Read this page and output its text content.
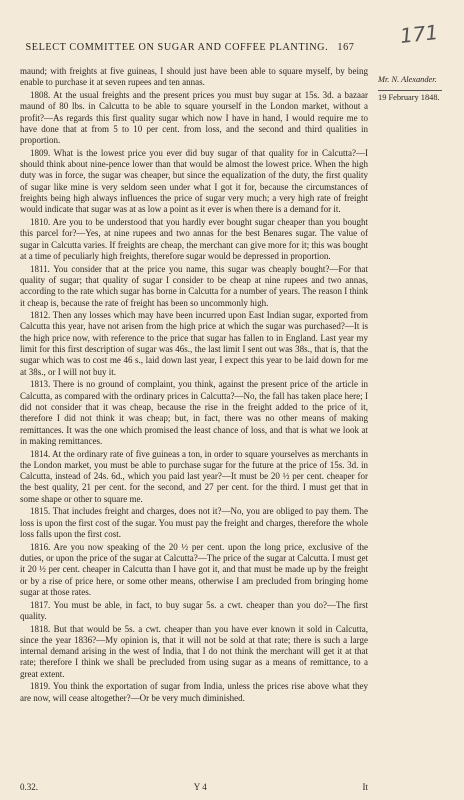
SELECT COMMITTEE ON SUGAR AND COFFEE PLANTING. 167 171
Mr. N. Alexander.
19 February 1848.

maund; with freights at five guineas, I should just have been able to square myself, by being enable to purchase it at seven rupees and ten annas.

1808. At the usual freights and the present prices you must buy sugar at 15s. 3d. a bazaar maund of 80 lbs. in Calcutta to be able to square yourself in the London market, without a profit?—As regards this first quality sugar which now I have in hand, I would require me to have done that at from 5 to 10 per cent. from loss, and the second and third qualities in proportion.

1809. What is the lowest price you ever did buy sugar of that quality for in Calcutta?—I should think about nine-pence lower than that would be almost the lowest price. When the high duty was in force, the sugar was cheaper, but since the equalization of the duty, the first quality of sugar like mine is very seldom seen under what I got it for, because the circumstances of freights being high always influences the price of sugar very much; a very high rate of freight would indicate that sugar was at as low a point as it ever is when there is a demand for it.

1810. Are you to be understood that you hardly ever bought sugar cheaper than you bought this parcel for?—Yes, at nine rupees and two annas for the best Benares sugar. The value of sugar in Calcutta varies. If freights are cheap, the merchant can give more for it; this was bought at a time of peculiarly high freights, therefore sugar would be depressed in proportion.

1811. You consider that at the price you name, this sugar was cheaply bought?—For that quality of sugar; that quality of sugar I consider to be cheap at nine rupees and two annas, according to the rate which sugar has borne in Calcutta for a number of years. The reason I think it cheap is, because the rate of freight has been so uncommonly high.

1812. Then any losses which may have been incurred upon East Indian sugar, exported from Calcutta this year, have not arisen from the high price at which the sugar was purchased?—It is the high price now, with reference to the price that sugar has fallen to in England. Last year my limit for this first description of sugar was 46s., the last limit I sent out was 38s., that is, that the sugar which was to cost me 46 s., laid down last year, I expect this year to be laid down for me at 38s., or I will not buy it.

1813. There is no ground of complaint, you think, against the present price of the article in Calcutta, as compared with the ordinary prices in Calcutta?—No, the fall has taken place here; I did not consider that it was cheap, because the rise in the freight added to the price of it, therefore I did not think it was cheap; but, in fact, there was no other means of making remittances. It was the one which promised the least chance of loss, and that is what we look at in making remittances.

1814. At the ordinary rate of five guineas a ton, in order to square yourselves as merchants in the London market, you must be able to purchase sugar for the future at the price of 15s. 3d. in Calcutta, instead of 24s. 6d., which you paid last year?—It must be 20 ½ per cent. cheaper for the best quality, 21 per cent. for the second, and 27 per cent. for the third. I must get that in some shape or other to square me.

1815. That includes freight and charges, does not it?—No, you are obliged to pay them. The loss is upon the first cost of the sugar. You must pay the freight and charges, therefore the whole loss falls upon the first cost.

1816. Are you now speaking of the 20 ½ per cent. upon the long price, exclusive of the duties, or upon the price of the sugar at Calcutta?—The price of the sugar at Calcutta. I must get it 20 ½ per cent. cheaper in Calcutta than I have got it, and that must be made up by the freight or by a rise of price here, or some other means, otherwise I am precluded from bringing home sugar at those rates.

1817. You must be able, in fact, to buy sugar 5s. a cwt. cheaper than you do?—The first quality.

1818. But that would be 5s. a cwt. cheaper than you have ever known it sold in Calcutta, since the year 1836?—My opinion is, that it will not be sold at that rate; there is such a large internal demand arising in the west of India, that I do not think the merchant will get it at that rate; therefore I think we shall be precluded from using sugar as a means of remittance, to a great extent.

1819. You think the exportation of sugar from India, unless the prices rise above what they are now, will cease altogether?—Or be very much diminished.

0.32.	Y 4	It
